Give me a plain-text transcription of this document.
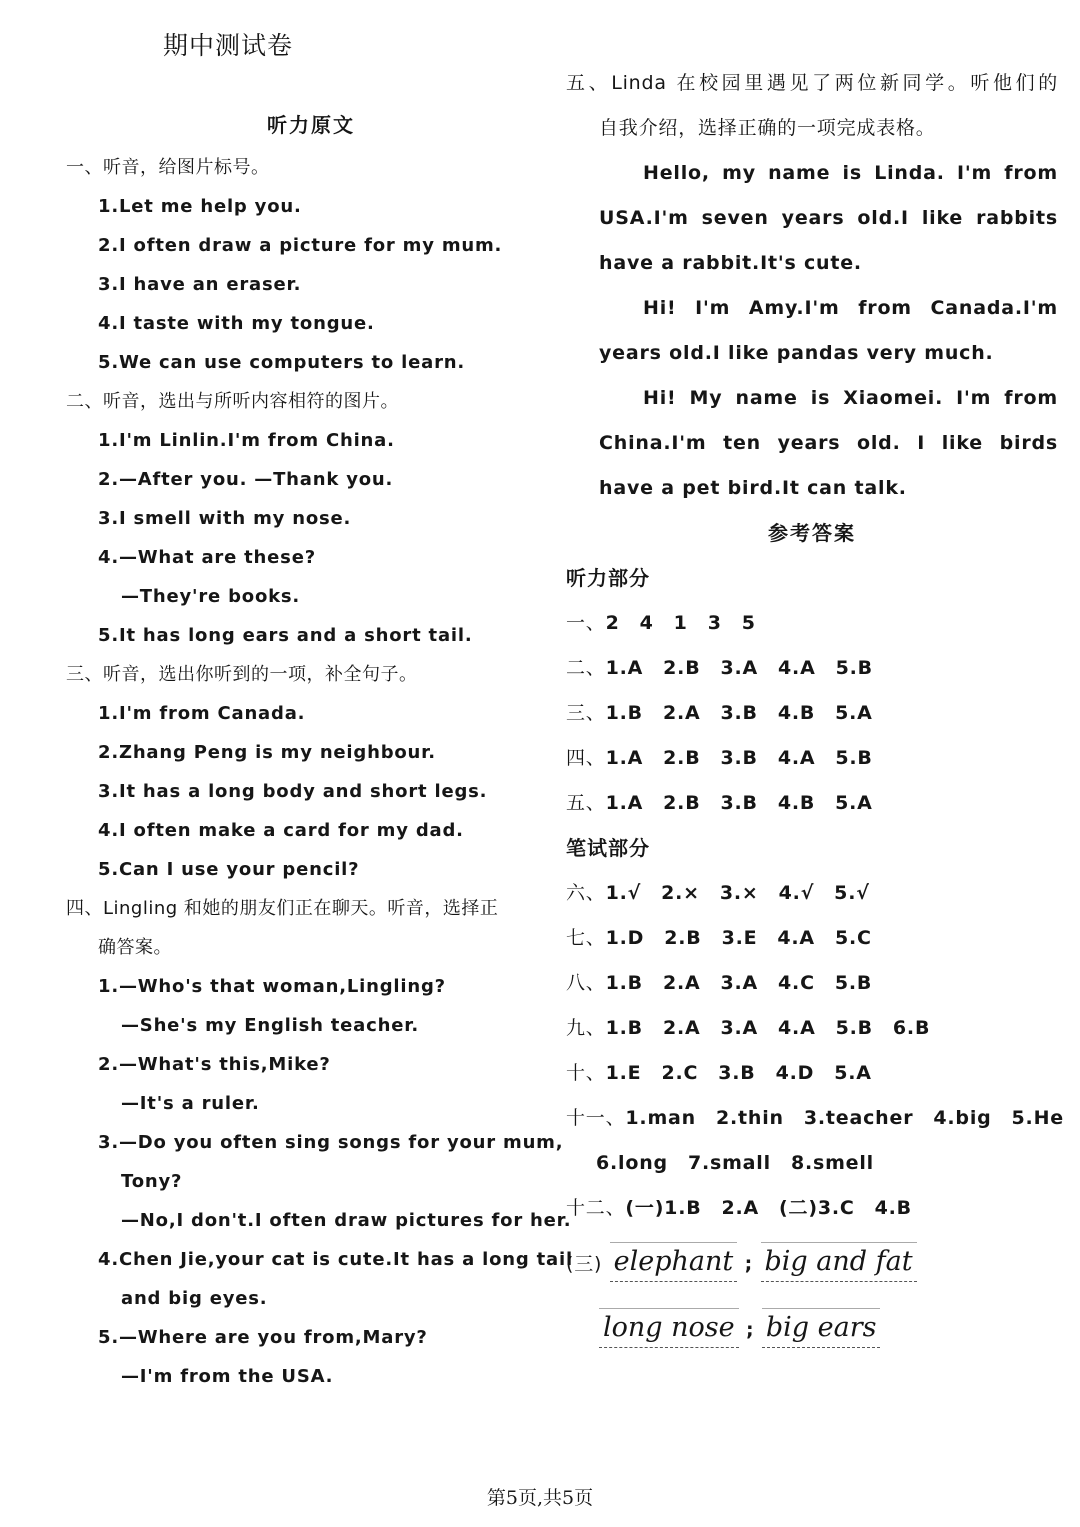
期中测试卷
听力原文
一、听音，给图片标号。
1.Let me help you.
2.I often draw a picture for my mum.
3.I have an eraser.
4.I taste with my tongue.
5.We can use computers to learn.
二、听音，选出与所听内容相符的图片。
1.I'm Linlin.I'm from China.
2.—After you. —Thank you.
3.I smell with my nose.
4.—What are these?
—They're books.
5.It has long ears and a short tail.
三、听音，选出你听到的一项，补全句子。
1.I'm from Canada.
2.Zhang Peng is my neighbour.
3.It has a long body and short legs.
4.I often make a card for my dad.
5.Can I use your pencil?
四、Lingling 和她的朋友们正在聊天。听音，选择正
确答案。
1.—Who's that woman,Lingling?
—She's my English teacher.
2.—What's this,Mike?
—It's a ruler.
3.—Do you often sing songs for your mum,
Tony?
—No,I don't.I often draw pictures for her.
4.Chen Jie,your cat is cute.It has a long tail
and big eyes.
5.—Where are you from,Mary?
—I'm from the USA.
五、Linda 在校园里遇见了两位新同学。听他们的
自我介绍，选择正确的一项完成表格。
Hello, my name is Linda. I'm from
USA.I'm seven years old.I like rabbits
have a rabbit.It's cute.
Hi! I'm Amy.I'm from Canada.I'm
years old.I like pandas very much.
Hi! My name is Xiaomei. I'm from
China.I'm ten years old. I like birds
have a pet bird.It can talk.
参考答案
听力部分
一、2 4 1 3 5
二、1.A 2.B 3.A 4.A 5.B
三、1.B 2.A 3.B 4.B 5.A
四、1.A 2.B 3.B 4.A 5.B
五、1.A 2.B 3.B 4.B 5.A
笔试部分
六、1.√ 2.× 3.× 4.√ 5.√
七、1.D 2.B 3.E 4.A 5.C
八、1.B 2.A 3.A 4.C 5.B
九、1.B 2.A 3.A 4.A 5.B 6.B
十、1.E 2.C 3.B 4.D 5.A
十一、1.man 2.thin 3.teacher 4.big 5.He
6.long 7.small 8.smell
十二、(一)1.B 2.A (二)3.C 4.B
(三) elephant ; big and fat
long nose ; big ears
第5页,共5页
